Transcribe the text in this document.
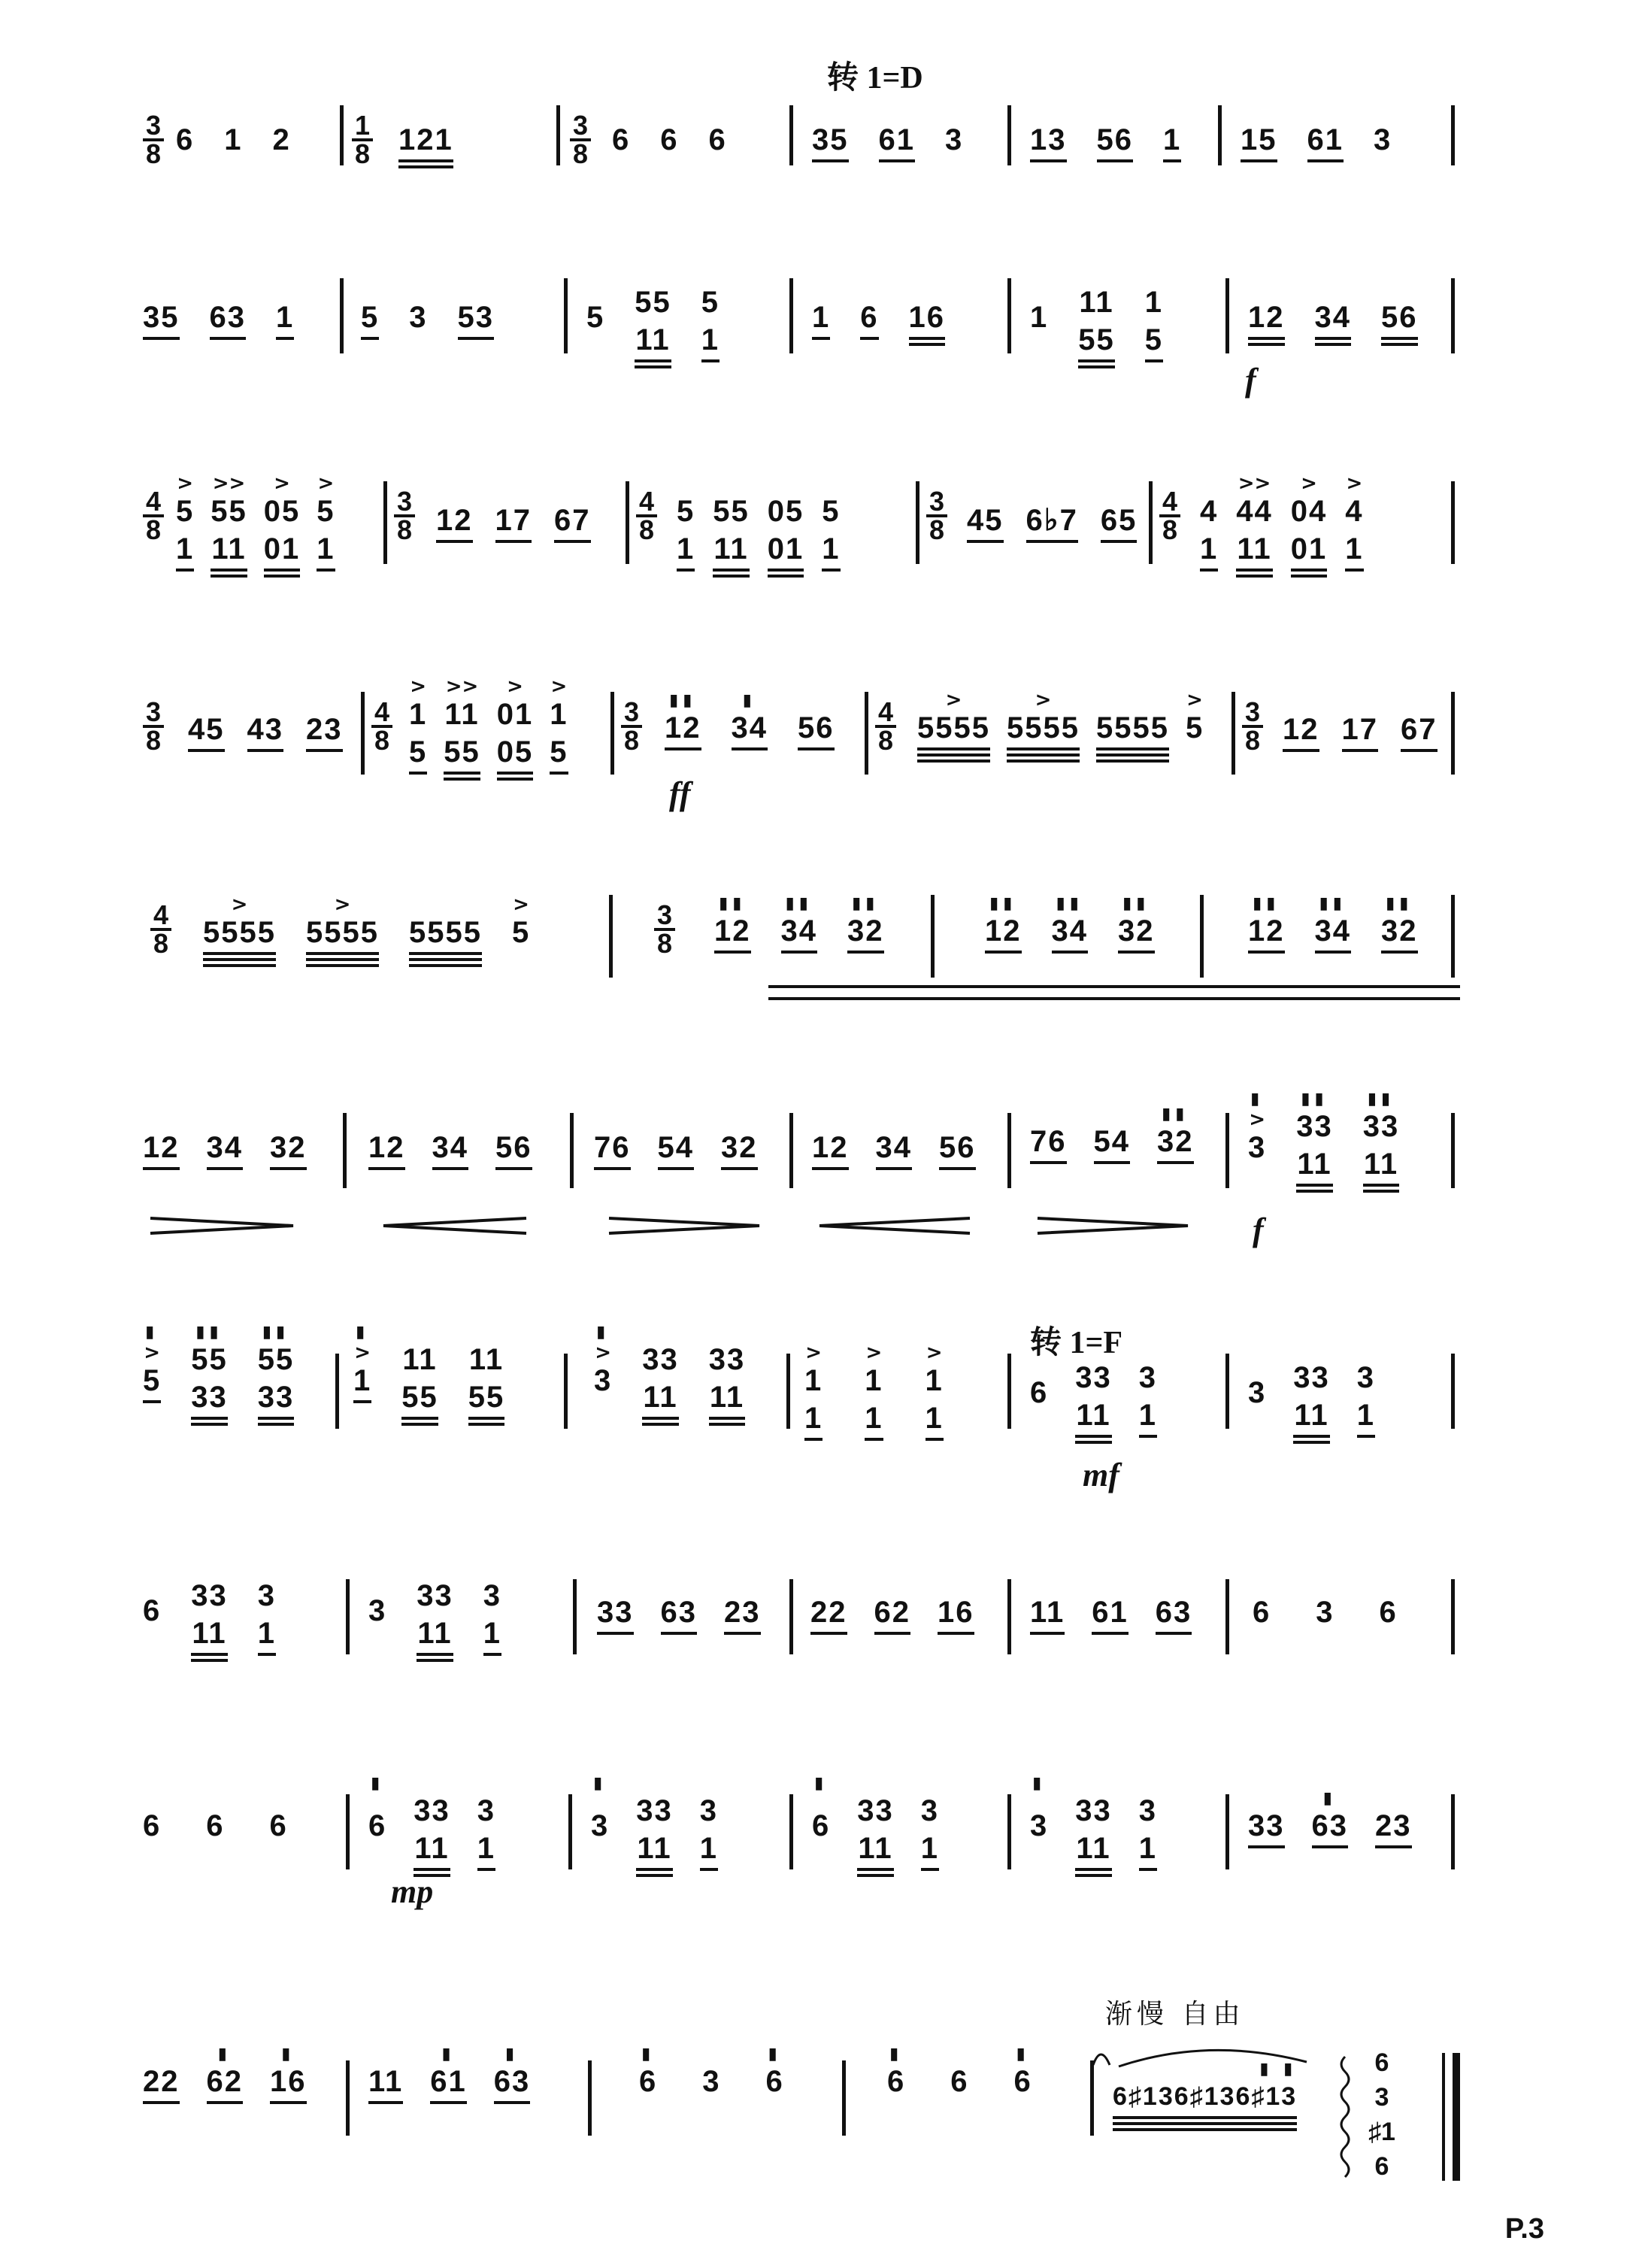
转 1=D
3
8 6 1 2 1
8 121	3
8 6 6 6	35 61 3 13 56 1 15 61 3
35 63 1 5 3 53	5 55
11
5
1
1 6 16	1 11
55
1
5
12 34 56
f
4
8
>
5
1
>>
55
11
>
05
01
>
5
1
3
8 12 17 67
4
8
5
1
55
11
05
01
5
1
3
8 45 6♭7 65
4
8

4
1
>>
44
11
>
04
01
>
4
1
3
8 45 43 23
4
8
>
1
5
>>
11
55
>
01
05
>
1
5
3
8
▮▮
12
▮
34
56 4
8
>
5555
>
5555
5555
>
5 3
8 12 17 67
ff
4
8
>
5555
>
5555
5555
>
5
3
8
▮▮
12
▮▮
34
▮▮
32
▮▮
12
▮▮
34
▮▮
32
▮▮
12
▮▮
34
▮▮
32
12 34 32 12 34 56 76 54 32 12 34 56
76
54
▮▮
32
▮
>
3
▮▮
33
11
▮▮
33
11
f
▮
>
5
▮▮
55
33
▮▮
55
33
▮
>
1

11
55

11
55
▮
>
3

33
11

33
11
>
1
1
>
1
1
>
1
1
转 1=F
6 33
11
3
1
3 33
11
3
1
mf
6 33
11
3
1
3 33
11
3
1
33 63 23 22 62 16 11 61 63 6 3 6
6 6 6
▮
6
33
11

3
1
▮
3
33
11

3
1
▮
6
33
11

3
1
▮
3
33
11

3
1

33
▮
63
23
mp
渐慢 自由

22
▮
62
▮
16
11
▮
61
▮
63
▮
6
3
▮
6
▮
6
6
▮
6	▮ ▮
6♯136♯136♯13
6
3
♯1
6
P.3
